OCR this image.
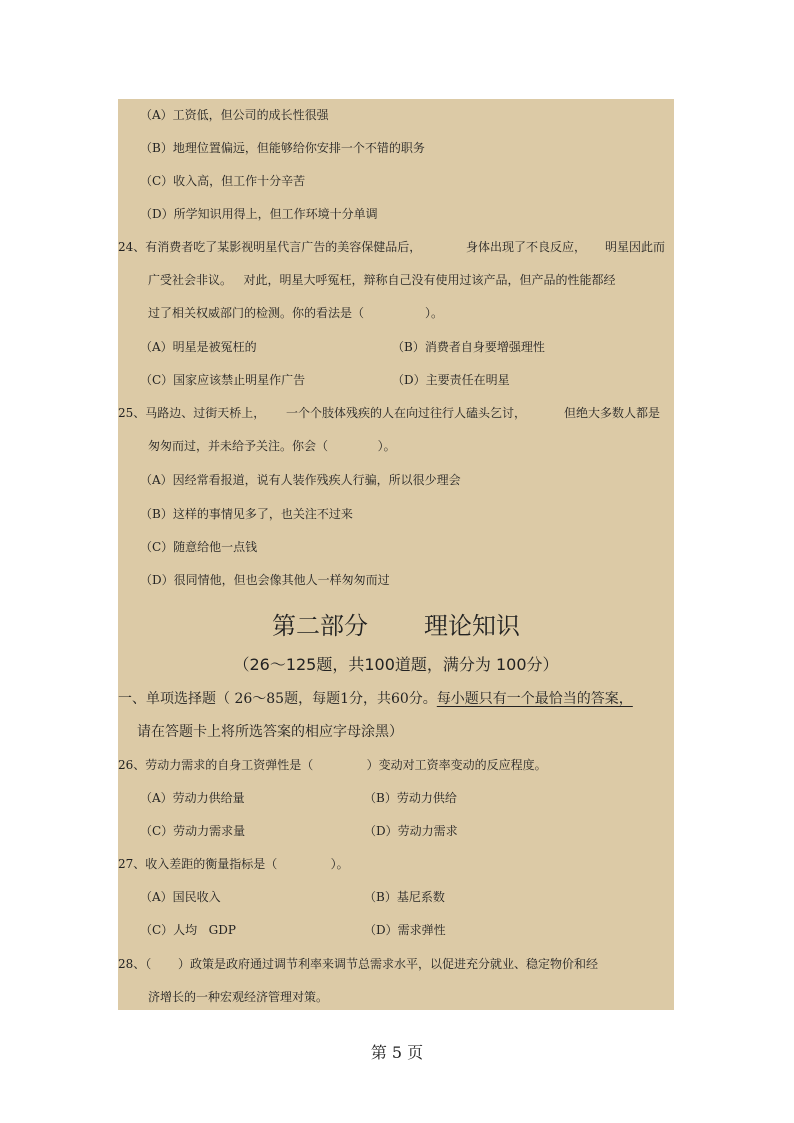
（A）工资低，但公司的成长性很强
（B）地理位置偏远，但能够给你安排一个不错的职务
（C）收入高，但工作十分辛苦
（D）所学知识用得上，但工作环境十分单调
24、有消费者吃了某影视明星代言广告的美容保健品后，	身体出现了不良反应， 明星因此而
广受社会非议。   对此，明星大呼冤枉，辩称自己没有使用过该产品，但产品的性能都经
过了相关权威部门的检测。你的看法是（                ）。
（A）明星是被冤枉的	（B）消费者自身要增强理性
（C）国家应该禁止明星作广告	（D）主要责任在明星
25、马路边、过街天桥上， 一个个肢体残疾的人在向过往行人磕头乞讨，	但绝大多数人都是
匆匆而过，并未给予关注。你会（             ）。
（A）因经常看报道，说有人装作残疾人行骗，所以很少理会
（B）这样的事情见多了，也关注不过来
（C）随意给他一点钱
（D）很同情他，但也会像其他人一样匆匆而过
第二部分 理论知识
（26～125题，共100道题，满分为 100分）
一、单项选择题（ 26～85题，每题1分，共60分。每小题只有一个最恰当的答案，
请在答题卡上将所选答案的相应字母涂黑）
26、劳动力需求的自身工资弹性是（              ）变动对工资率变动的反应程度。
（A）劳动力供给量	（B）劳动力供给
（C）劳动力需求量	（D）劳动力需求
27、收入差距的衡量指标是（              ）。
（A）国民收入	（B）基尼系数
（C）人均   GDP	（D）需求弹性
28、（       ）政策是政府通过调节利率来调节总需求水平，以促进充分就业、稳定物价和经
济增长的一种宏观经济管理对策。
第 5 页
